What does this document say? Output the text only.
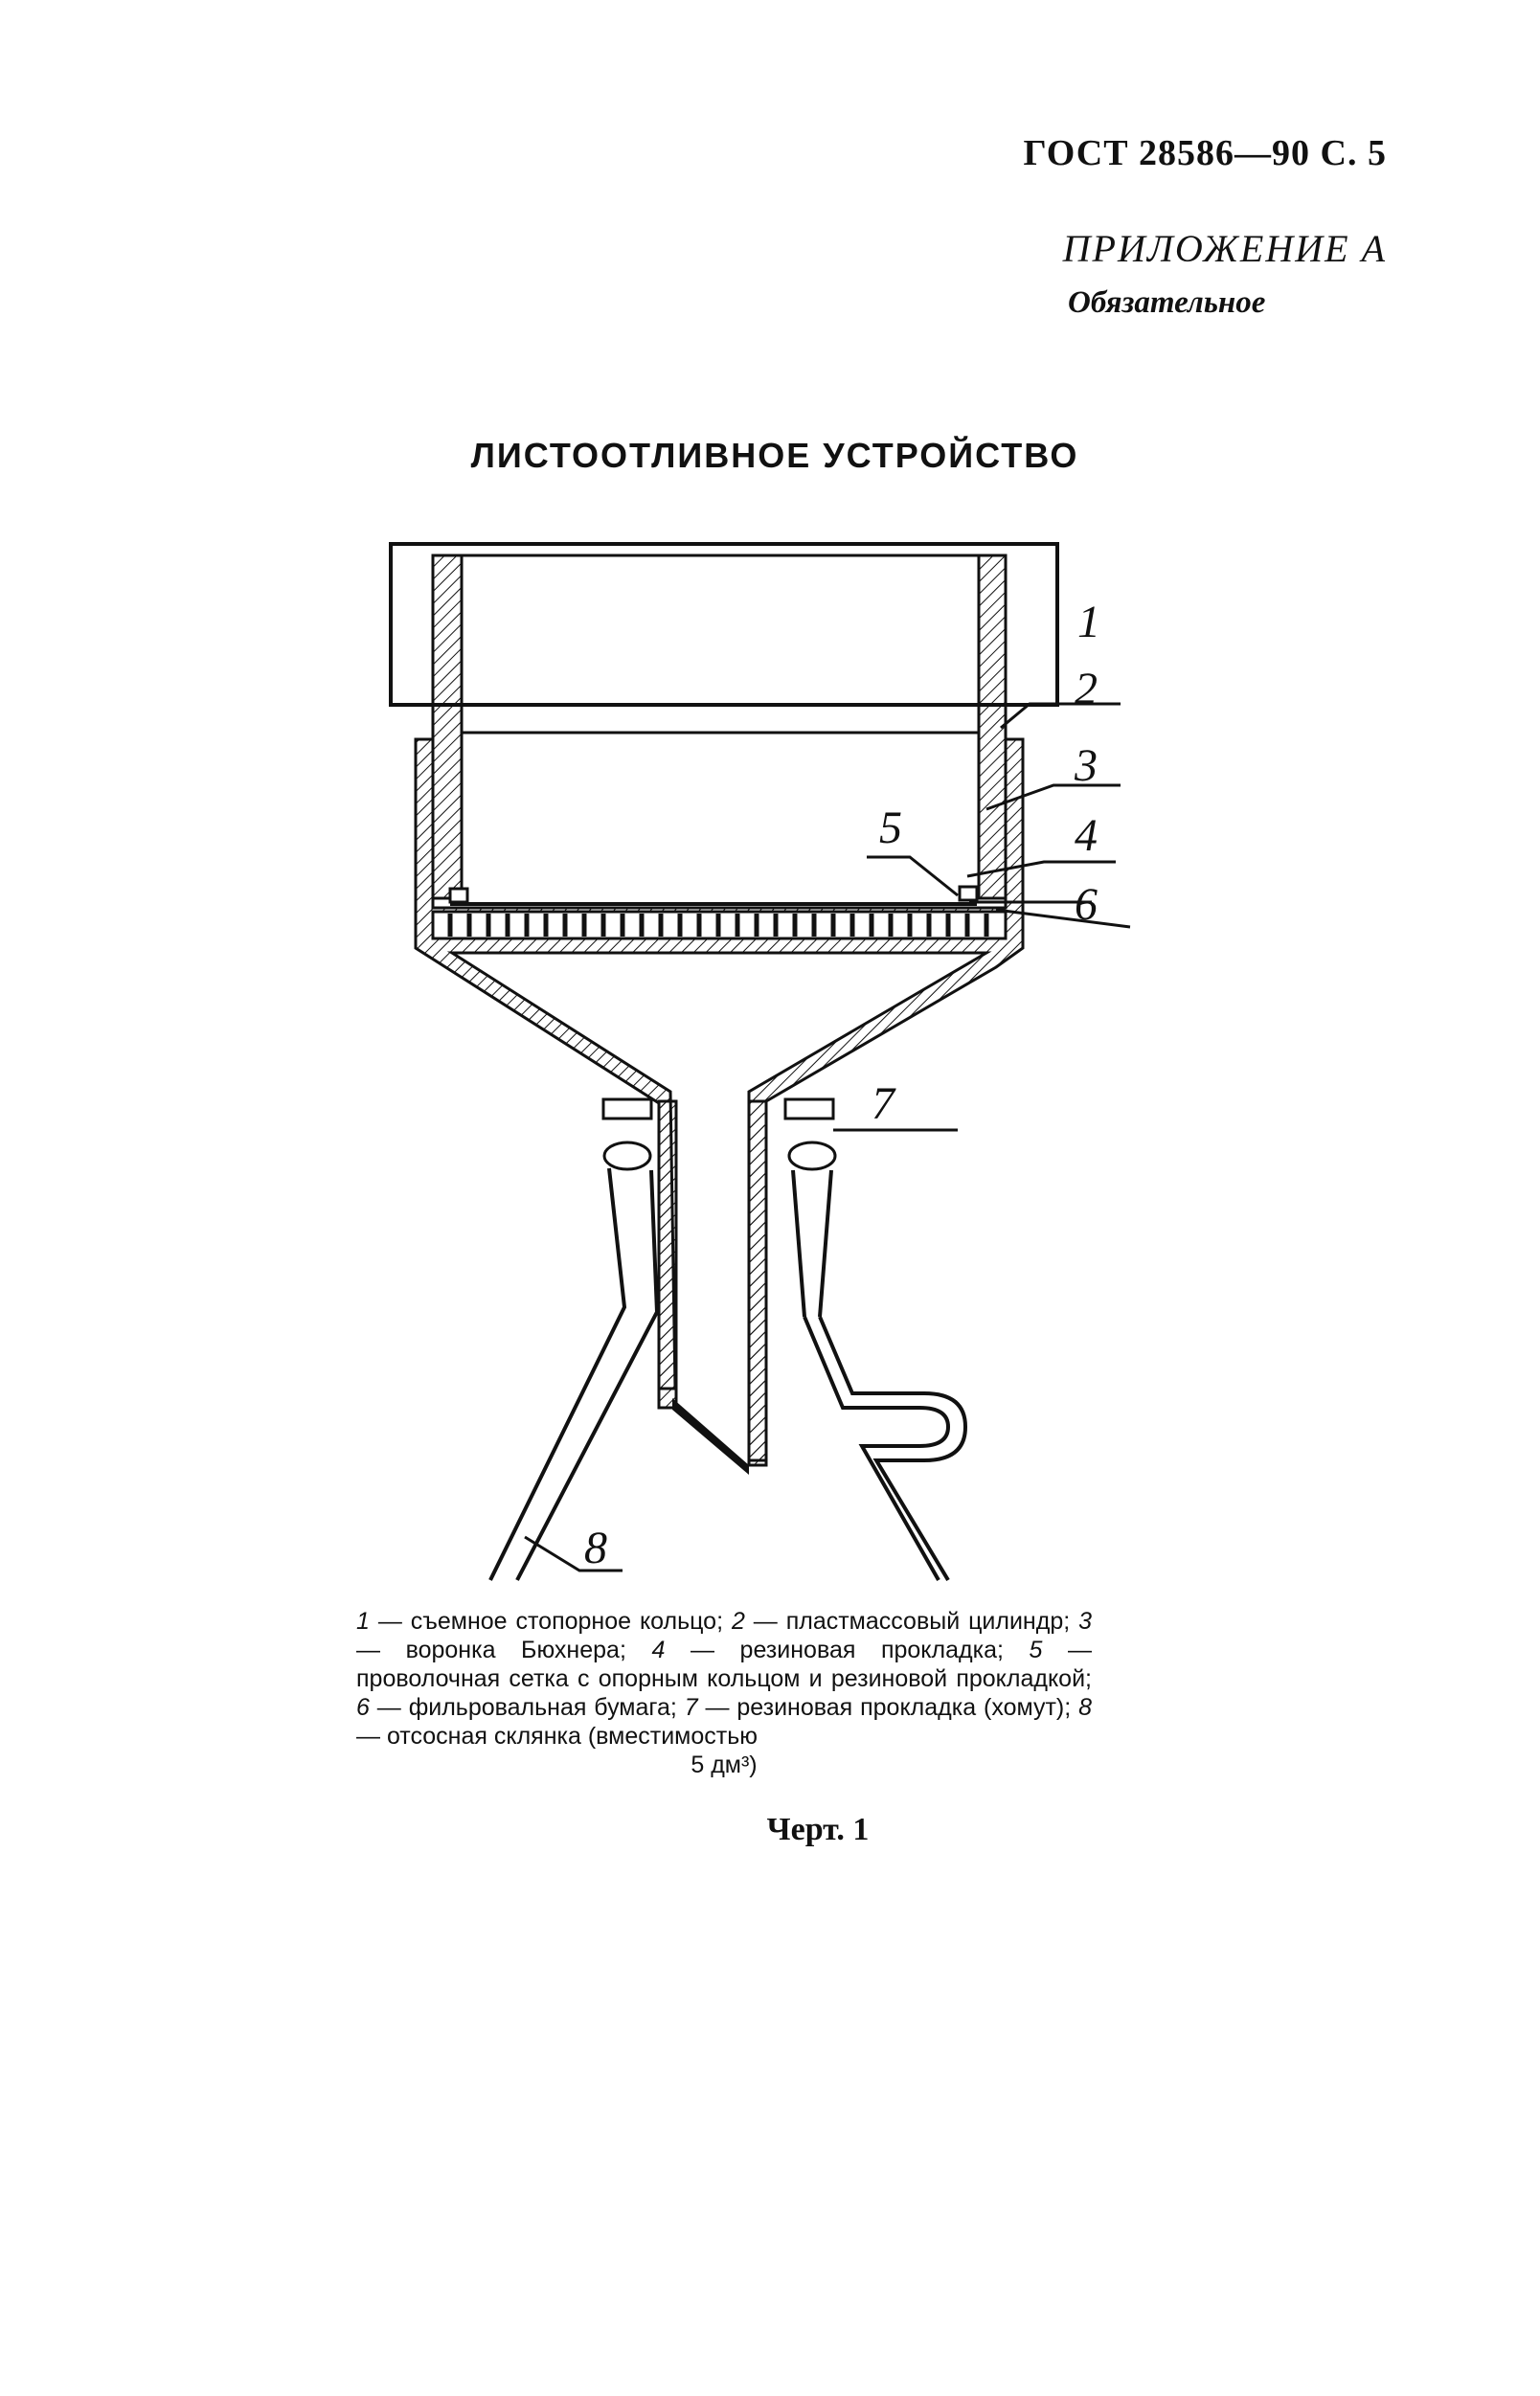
ГОСТ 28586—90 С. 5
ПРИЛОЖЕНИЕ А
Обязательное
ЛИСТООТЛИВНОЕ УСТРОЙСТВО
1
2
3
4
5
6
7
8
1 — съемное стопорное кольцо; 2 — пластмассовый цилиндр; 3 — воронка Бюхнера; 4 — резиновая прокладка; 5 — проволочная сетка с опорным кольцом и резиновой прокладкой; 6 — фильровальная бумага; 7 — резиновая прокладка (хомут); 8 — отсосная склянка (вместимостью
5 дм³)
Черт. 1
